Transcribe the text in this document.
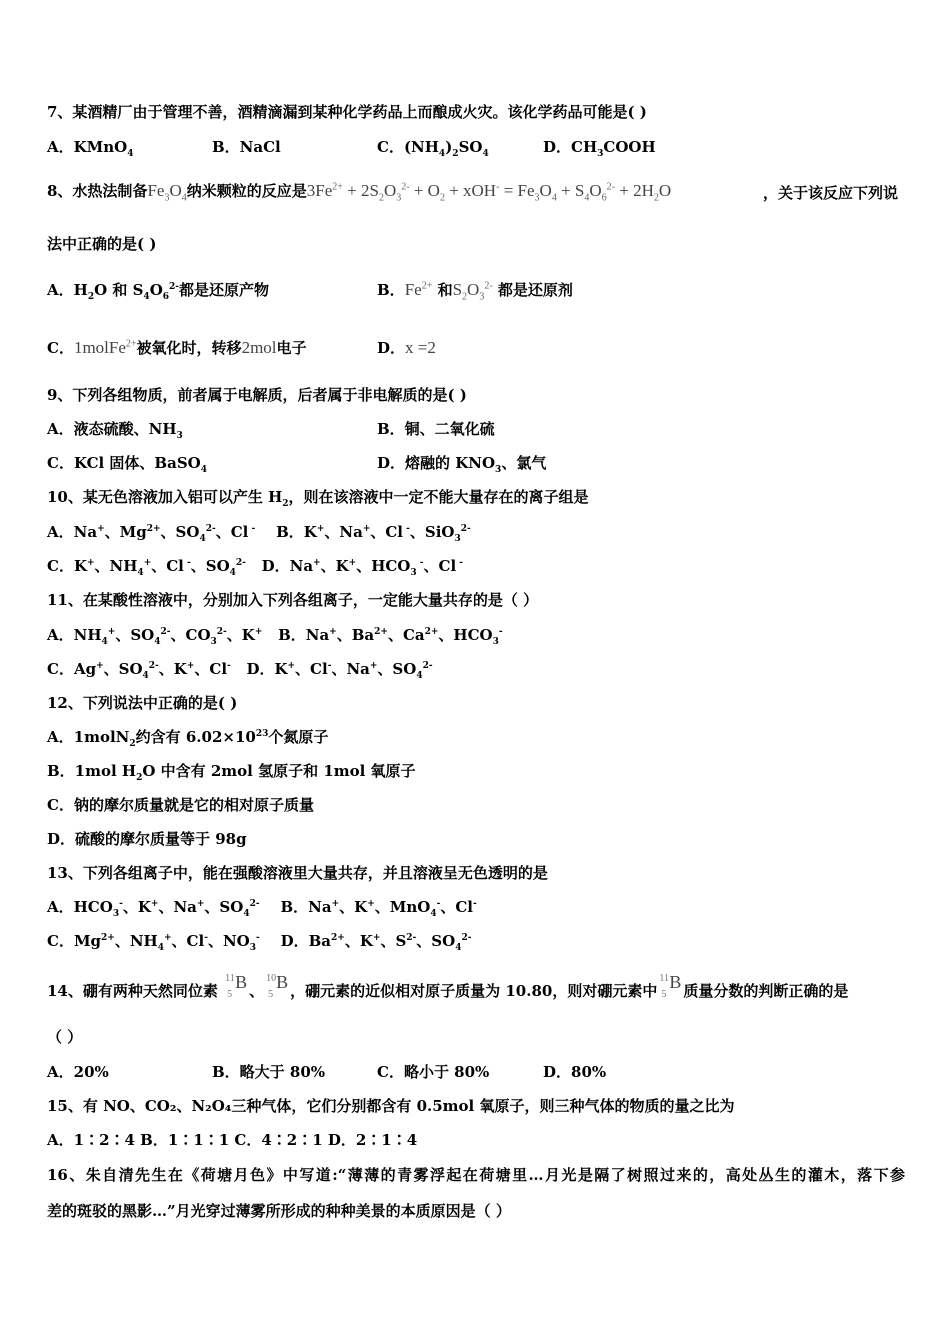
7、某酒精厂由于管理不善，酒精滴漏到某种化学药品上而酿成火灾。该化学药品可能是( )
A．KMnO$_4$	B．NaCl	C．$(NH_4)_2SO_4$	D．$CH_3COOH$
8、水热法制备$Fe_3O_4$纳米颗粒的反应是$3Fe^{2+} + 2S_2O_3^{2-} + O_2 + xOH^- = Fe_3O_4 + S_4O_6^{2-} + 2H_2O$	，关于该反应下列说
法中正确的是( )
A．$H_2O$ 和 $S_4O_6^{2-}$都是还原产物	B．$Fe^{2+}$ 和$S_2O_3^{2-}$ 都是还原剂
C．1molFe$^{2+}$被氧化时，转移2mol电子	D．x =2
9、下列各组物质，前者属于电解质，后者属于非电解质的是( )
A．液态硫酸、$NH_3$	B．铜、二氧化硫
C．KCl 固体、BaSO$_4$	D．熔融的 $KNO_3$、氯气
10、某无色溶液加入铝可以产生 $H_2$，则在该溶液中一定不能大量存在的离子组是
A．Na+、$Mg^{2+}$、$SO_4^{2-}$、Cl - B．K+、Na+、Cl -、SiO$_3^{2-}$
C．K+、$NH_4^+$、Cl -、$SO_4^{2-}$ D．Na+、K+、$HCO_3$ -、Cl -
11、在某酸性溶液中，分别加入下列各组离子，一定能大量共存的是（ ）
A．$NH_4^+$、$SO_4^{2-}$、$CO_3^{2-}$、K+ B．Na+、$Ba^{2+}$、$Ca^{2+}$、$HCO_3^-$
C．Ag+、$SO_4^{2-}$、K+、Cl- D．K+、Cl-、Na+、$SO_4^{2-}$
12、下列说法中正确的是( )
A．1molN$_2$约含有 $6.02\times 10^{23}$个氮原子
B．1mol $H_2O$ 中含有 2mol 氢原子和 1mol 氧原子
C．钠的摩尔质量就是它的相对原子质量
D．硫酸的摩尔质量等于 98g
13、下列各组离子中，能在强酸溶液里大量共存，并且溶液呈无色透明的是
A．$HCO_3^-$、K+、Na+、$SO_4^{2-}$ B．Na+、K+、MnO$_4$-、Cl-
C．$Mg^{2+}$、$NH_4^+$、Cl-、$NO_3^-$ D．$Ba^{2+}$、K+、$S^{2-}$、$SO_4^{2-}$
14、硼有两种天然同位素
11
5
B 、
10
5
B ，硼元素的近似相对原子质量为 10.80，则对硼元素中
11
5
B 质量分数的判断正确的是
（ ）
A．20%	B．略大于 80%	C．略小于 80%	D．80%
15、有 NO、CO₂、N₂O₄三种气体，它们分别都含有 0.5mol 氧原子，则三种气体的物质的量之比为
A．1∶2∶4 B．1∶1∶1 C．4∶2∶1 D．2∶1∶4
16、朱自清先生在《荷塘月色》中写道:“薄薄的青雾浮起在荷塘里…月光是隔了树照过来的，高处丛生的灌木，落下参
差的斑驳的黑影…”月光穿过薄雾所形成的种种美景的本质原因是（ ）
